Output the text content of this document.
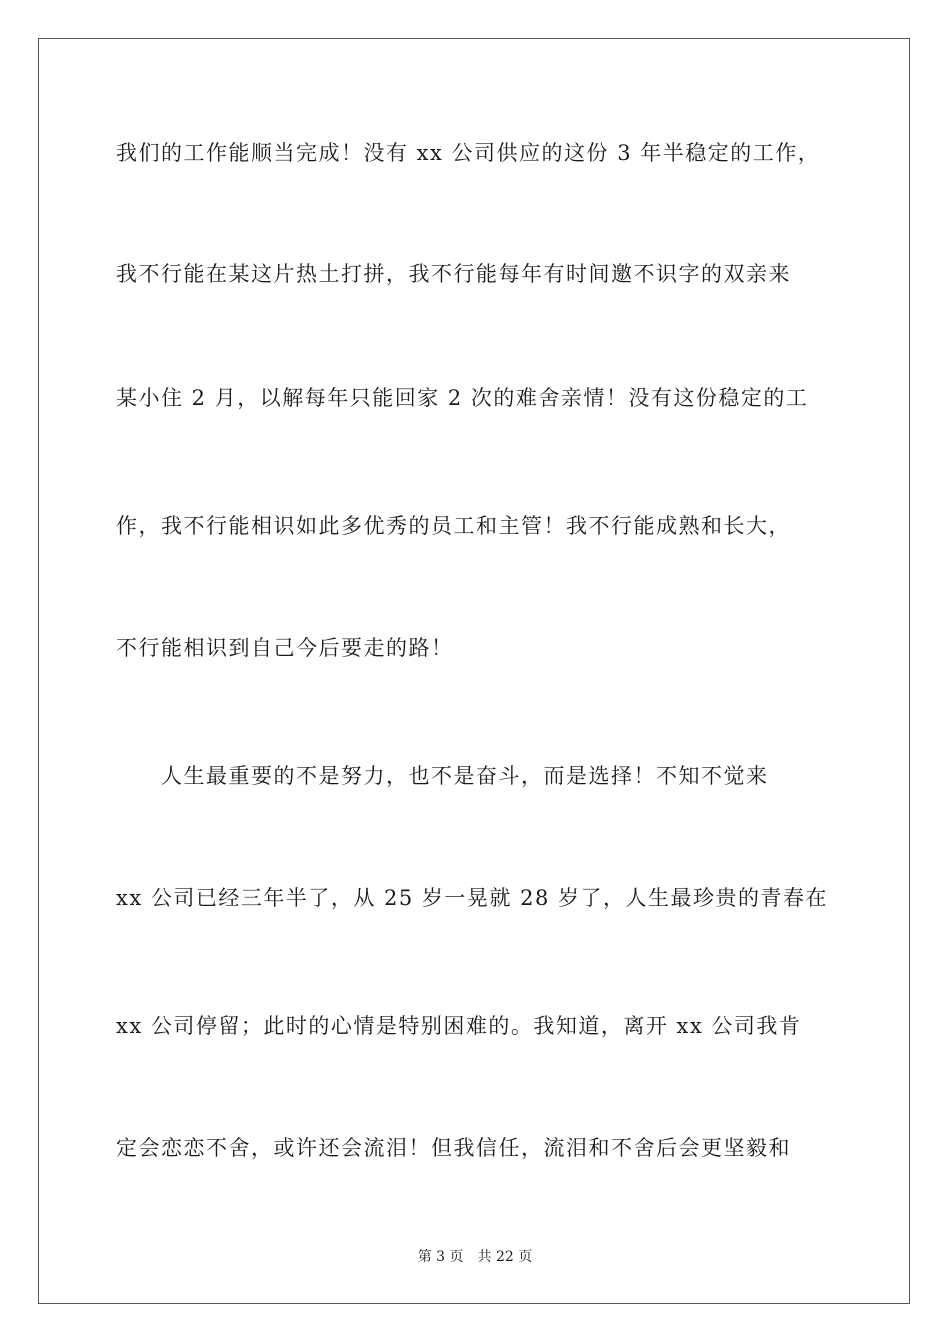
我们的工作能顺当完成！没有 xx 公司供应的这份 3 年半稳定的工作，
我不行能在某这片热土打拼，我不行能每年有时间邀不识字的双亲来
某小住 2 月，以解每年只能回家 2 次的难舍亲情！没有这份稳定的工
作，我不行能相识如此多优秀的员工和主管！我不行能成熟和长大，
不行能相识到自己今后要走的路！
　　人生最重要的不是努力，也不是奋斗，而是选择！不知不觉来
xx 公司已经三年半了，从 25 岁一晃就 28 岁了，人生最珍贵的青春在
xx 公司停留；此时的心情是特别困难的。我知道，离开 xx 公司我肯
定会恋恋不舍，或许还会流泪！但我信任，流泪和不舍后会更坚毅和
第 3 页 共 22 页
